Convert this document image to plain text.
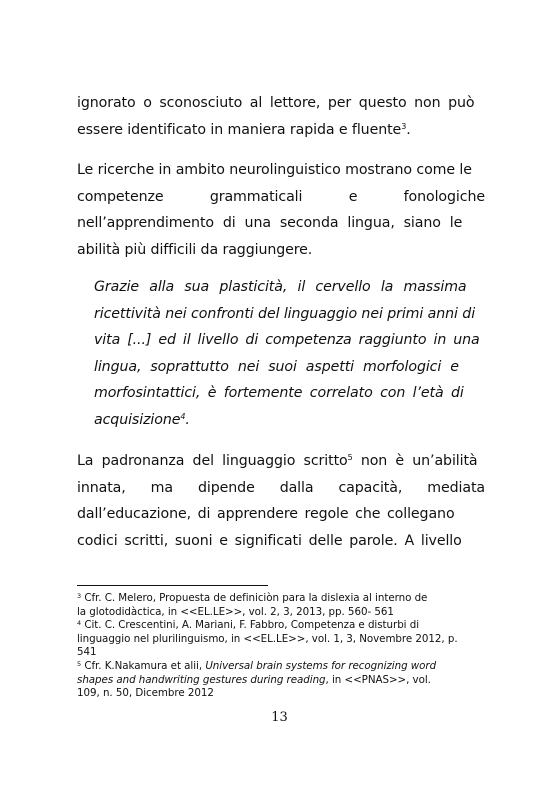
ignorato o sconosciuto al lettore, per questo non può
essere identificato in maniera rapida e fluente$^3$.
Le ricerche in ambito neurolinguistico mostrano come le
competenze	grammaticali	e	fonologiche
nell’apprendimento di una seconda lingua, siano le
abilità più difficili da raggiungere.
Grazie alla sua plasticità, il cervello la massima
ricettività nei confronti del linguaggio nei primi anni di
vita [...] ed il livello di competenza raggiunto in una
lingua, soprattutto nei suoi aspetti morfologici e
morfosintattici, è fortemente correlato con l’età di
acquisizione$^4$.
La padronanza del linguaggio scritto$^5$ non è un’abilità
innata, ma dipende dalla capacità, mediata
dall’educazione, di apprendere regole che collegano
codici scritti, suoni e significati delle parole. A livello
$^3$ Cfr. C. Melero, Propuesta de definiciòn para la dislexia al interno de
la glotodidàctica, in <<EL.LE>>, vol. 2, 3, 2013, pp. 560- 561
$^4$ Cit. C. Crescentini, A. Mariani, F. Fabbro, Competenza e disturbi di
linguaggio nel plurilinguismo, in <<EL.LE>>, vol. 1, 3, Novembre 2012, p.
541
$^5$ Cfr. K.Nakamura et alii, Universal brain systems for recognizing word
shapes and handwriting gestures during reading, in <<PNAS>>, vol.
109, n. 50, Dicembre 2012
13
